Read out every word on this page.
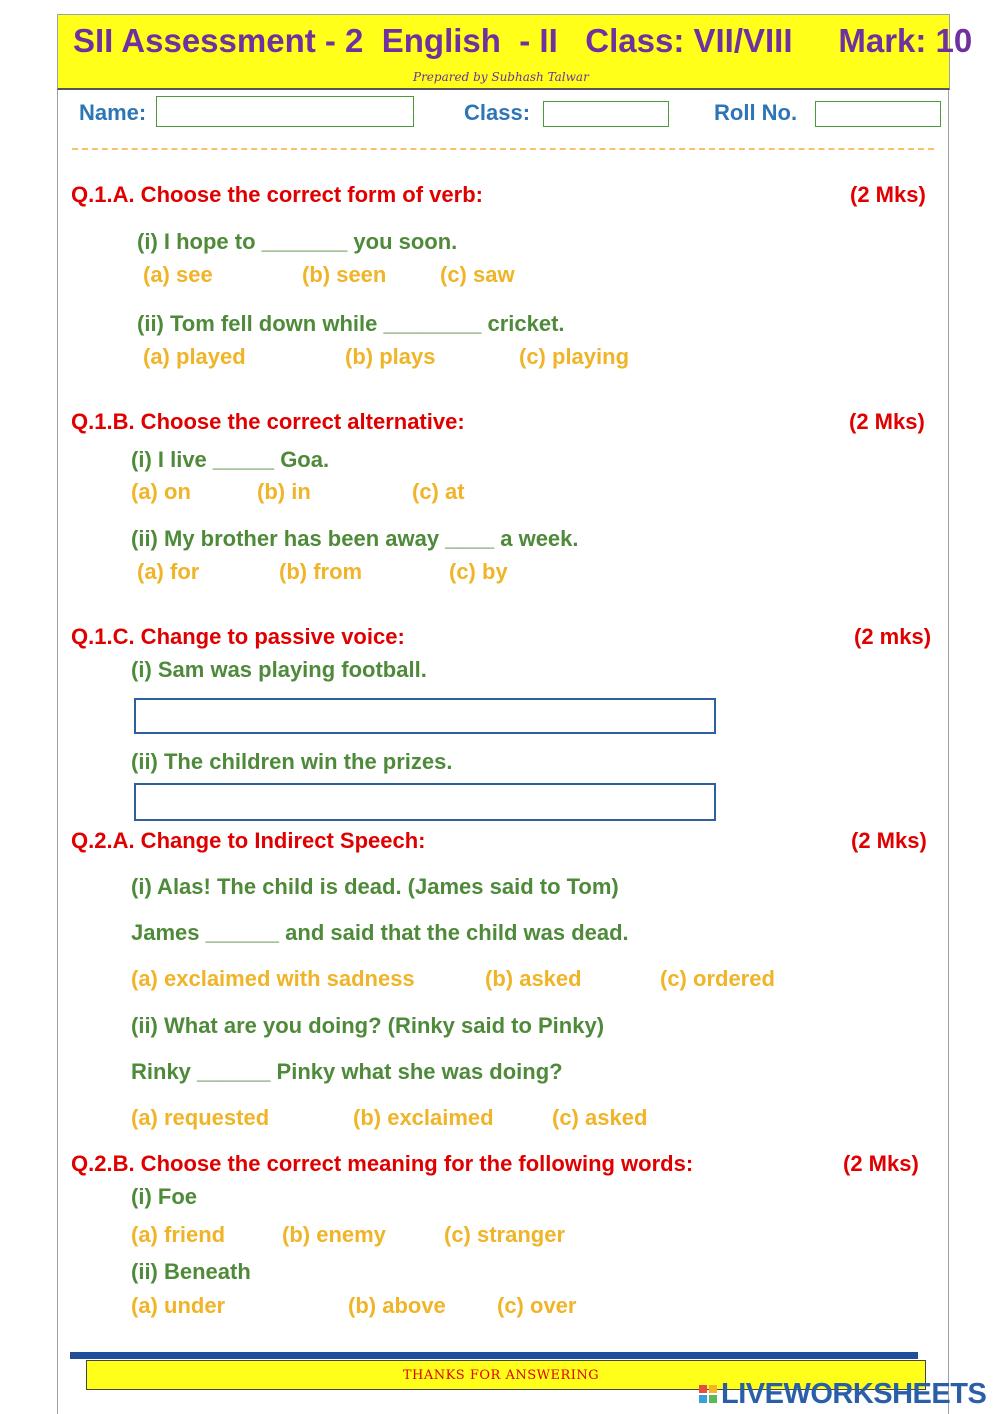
SII Assessment - 2  English  - II   Class: VII/VIII     Mark: 10
Prepared by Subhash Talwar
Name:	Class:	Roll No.
Q.1.A. Choose the correct form of verb:	(2 Mks)
(i) I hope to _______ you soon.
(a) see	(b) seen (c) saw
(ii) Tom fell down while ________ cricket.
(a) played	(b) plays	(c) playing
Q.1.B. Choose the correct alternative:	(2 Mks)
(i) I live _____ Goa.
(a) on	(b) in	(c) at
(ii) My brother has been away ____ a week.
(a) for	(b) from	(c) by
Q.1.C. Change to passive voice:	(2 mks)
(i) Sam was playing football.
(ii) The children win the prizes.
Q.2.A. Change to Indirect Speech:	(2 Mks)
(i) Alas! The child is dead. (James said to Tom)
James ______ and said that the child was dead.
(a) exclaimed with sadness	(b) asked	(c) ordered
(ii) What are you doing? (Rinky said to Pinky)
Rinky ______ Pinky what she was doing?
(a) requested	(b) exclaimed	(c) asked
Q.2.B. Choose the correct meaning for the following words:	(2 Mks)
(i) Foe
(a) friend	(b) enemy	(c) stranger
(ii) Beneath
(a) under	(b) above (c) over
THANKS FOR ANSWERING
LIVEWORKSHEETS
